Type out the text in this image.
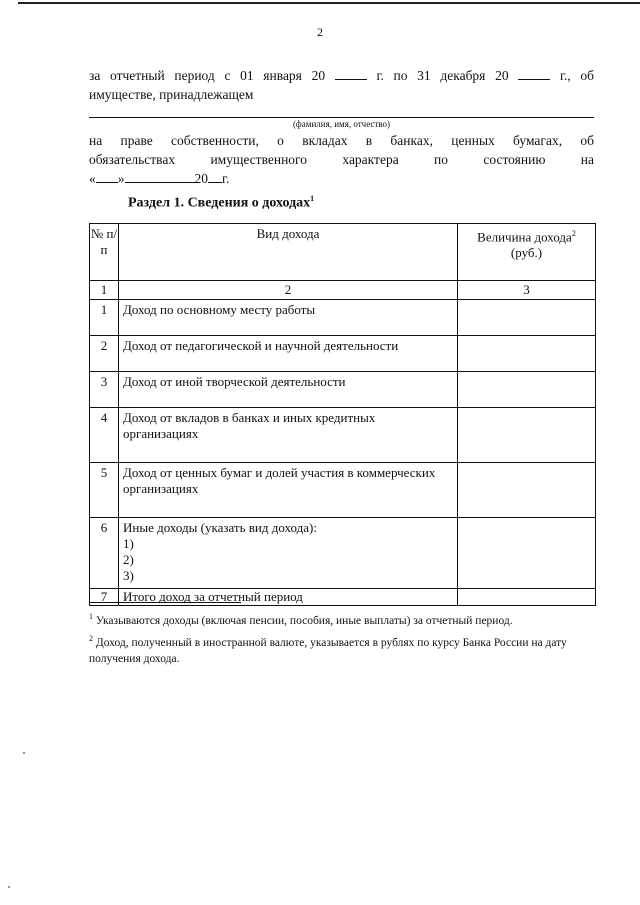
2
за отчетный период с 01 января 20	г. по 31 декабря 20	г., об
имуществе, принадлежащем
(фамилия, имя, отчество)
на праве собственности, о вкладах в банках, ценных бумагах, об
обязательствах имущественного характера по состоянию на
« »	20 г.
Раздел 1. Сведения о доходах$^1$
№ п/п	Вид дохода	Величина дохода$^2$
(руб.)
1	2	3
1	Доход по основному месту работы	
2	Доход от педагогической и научной деятельности	
3	Доход от иной творческой деятельности	
4	Доход от вкладов в банках и иных кредитных организациях	
5	Доход от ценных бумаг и долей участия в коммерческих организациях	
6	Иные доходы (указать вид дохода):
1)
2)
3)	

7	Итого доход за отчетный период	

$^1$ Указываются доходы (включая пенсии, пособия, иные выплаты) за отчетный период.

$^2$ Доход, полученный в иностранной валюте, указывается в рублях по курсу Банка России на дату получения дохода.
